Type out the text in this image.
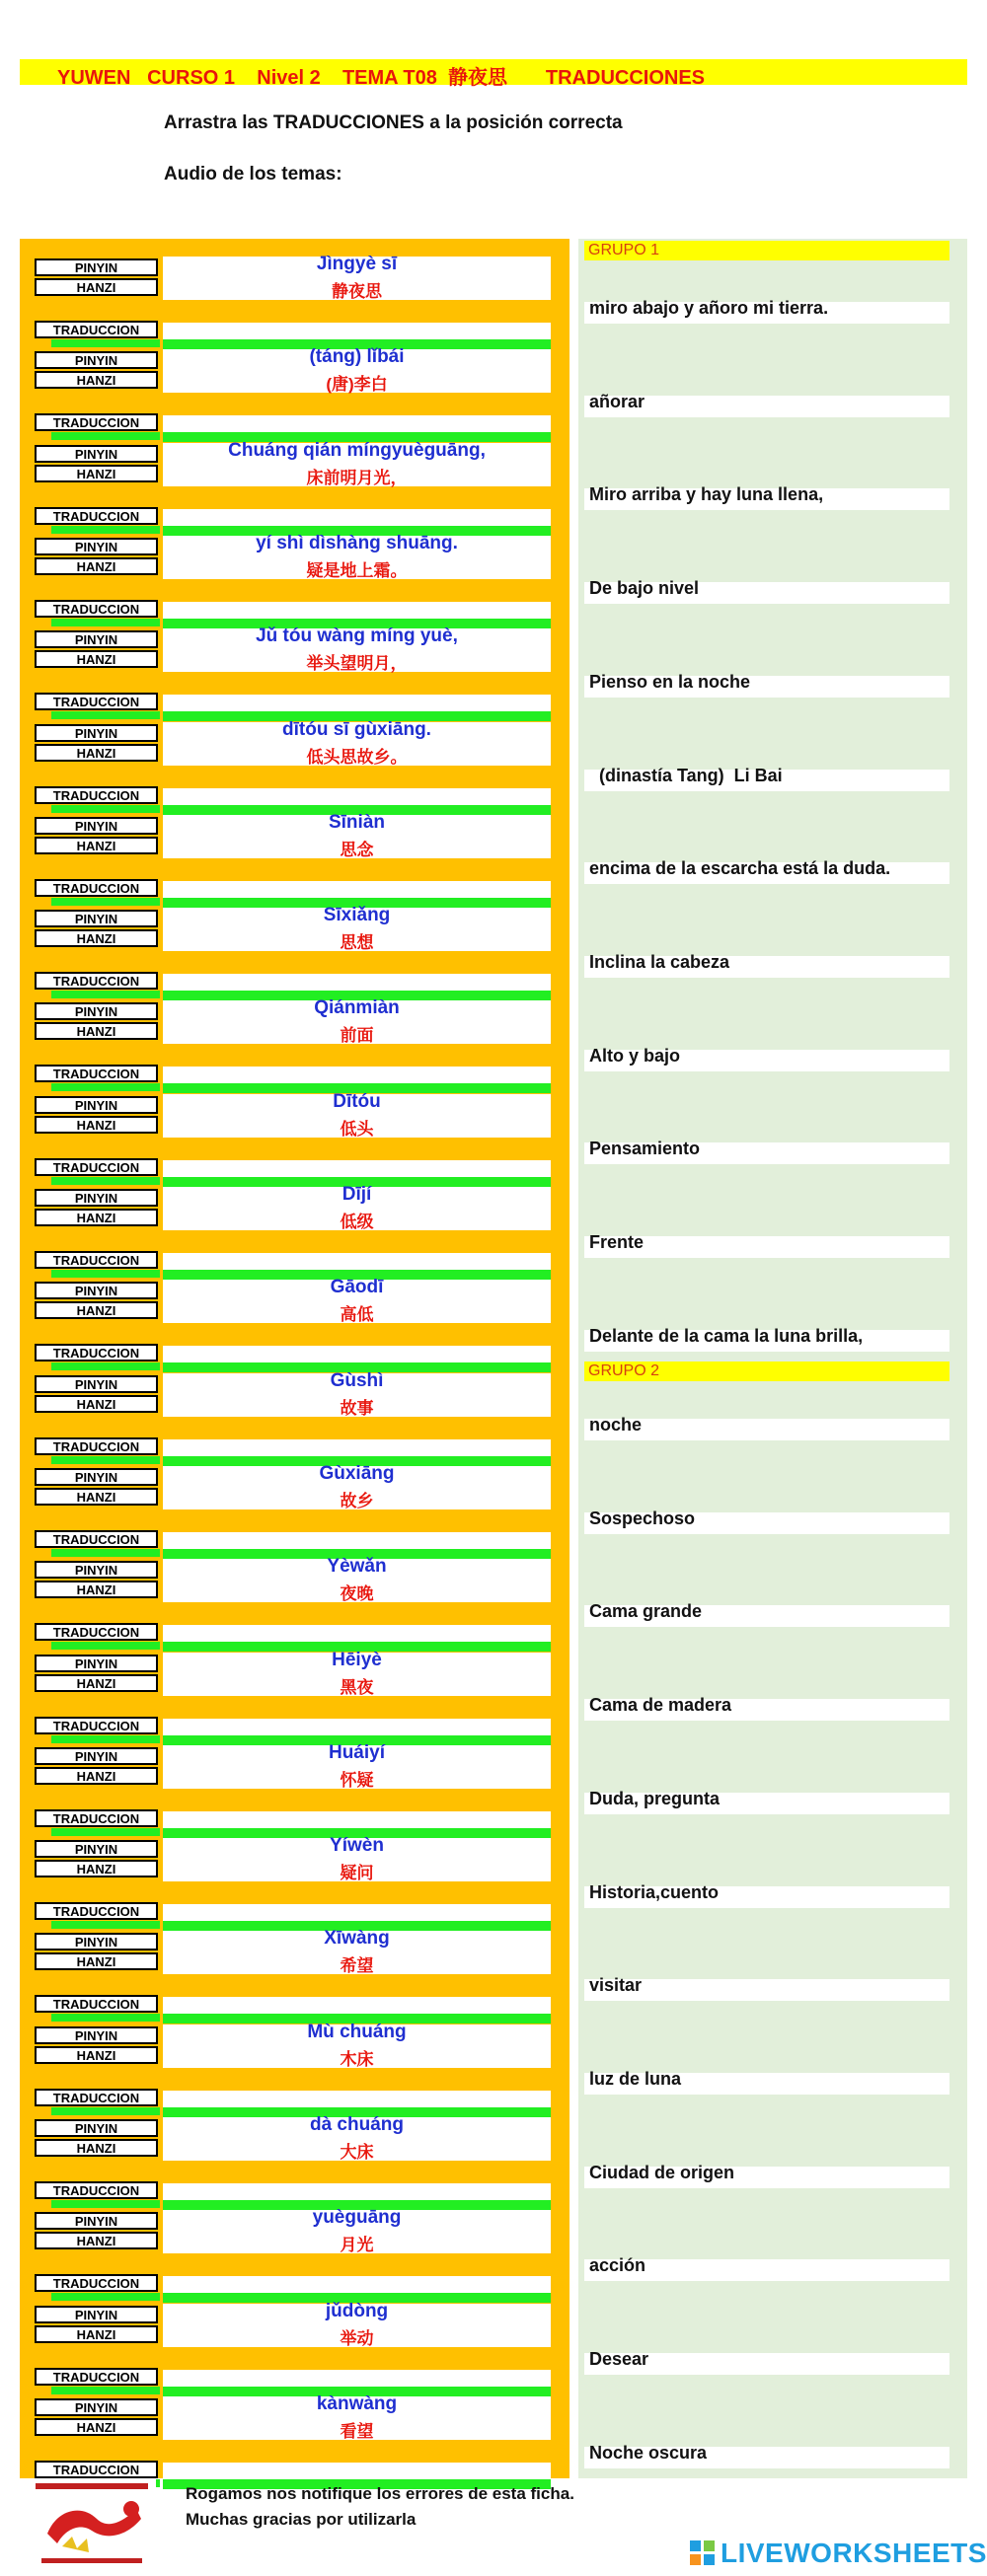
YUWEN   CURSO 1    Nivel 2    TEMA T08  静夜思       TRADUCCIONES
Arrastra las TRADUCCIONES a la posición correcta
Audio de los temas:
Jìngyè sī
静夜思
PINYIN
HANZI
TRADUCCION
(táng) lǐbái
(唐)李白
PINYIN
HANZI
TRADUCCION
Chuáng qián míngyuèguāng,
床前明月光，
PINYIN
HANZI
TRADUCCION
yí shì dìshàng shuāng.
疑是地上霜。
PINYIN
HANZI
TRADUCCION
Jǔ tóu wàng míng yuè,
举头望明月，
PINYIN
HANZI
TRADUCCION
dītóu sī gùxiāng.
低头思故乡。
PINYIN
HANZI
TRADUCCION
Sīniàn
思念
PINYIN
HANZI
TRADUCCION
Sīxiǎng
思想
PINYIN
HANZI
TRADUCCION
Qiánmiàn
前面
PINYIN
HANZI
TRADUCCION
Dītóu
低头
PINYIN
HANZI
TRADUCCION
Dījí
低级
PINYIN
HANZI
TRADUCCION
Gāodī
高低
PINYIN
HANZI
TRADUCCION
Gùshì
故事
PINYIN
HANZI
TRADUCCION
Gùxiāng
故乡
PINYIN
HANZI
TRADUCCION
Yèwǎn
夜晚
PINYIN
HANZI
TRADUCCION
Hēiyè
黑夜
PINYIN
HANZI
TRADUCCION
Huáiyí
怀疑
PINYIN
HANZI
TRADUCCION
Yíwèn
疑问
PINYIN
HANZI
TRADUCCION
Xīwàng
希望
PINYIN
HANZI
TRADUCCION
Mù chuáng
木床
PINYIN
HANZI
TRADUCCION
dà chuáng
大床
PINYIN
HANZI
TRADUCCION
yuèguāng
月光
PINYIN
HANZI
TRADUCCION
jǔdòng
举动
PINYIN
HANZI
TRADUCCION
kànwàng
看望
PINYIN
HANZI
TRADUCCION
GRUPO 1
miro abajo y añoro mi tierra.
añorar
Miro arriba y hay luna llena,
De bajo nivel
Pienso en la noche
(dinastía Tang)  Li Bai
encima de la escarcha está la duda.
Inclina la cabeza
Alto y bajo
Pensamiento
Frente
Delante de la cama la luna brilla,
GRUPO 2
noche
Sospechoso
Cama grande
Cama de madera
Duda, pregunta
Historia,cuento
visitar
luz de luna
Ciudad de origen
acción
Desear
Noche oscura
Rogamos nos notifique los errores de esta ficha.
Muchas gracias por utilizarla
LIVEWORKSHEETS
